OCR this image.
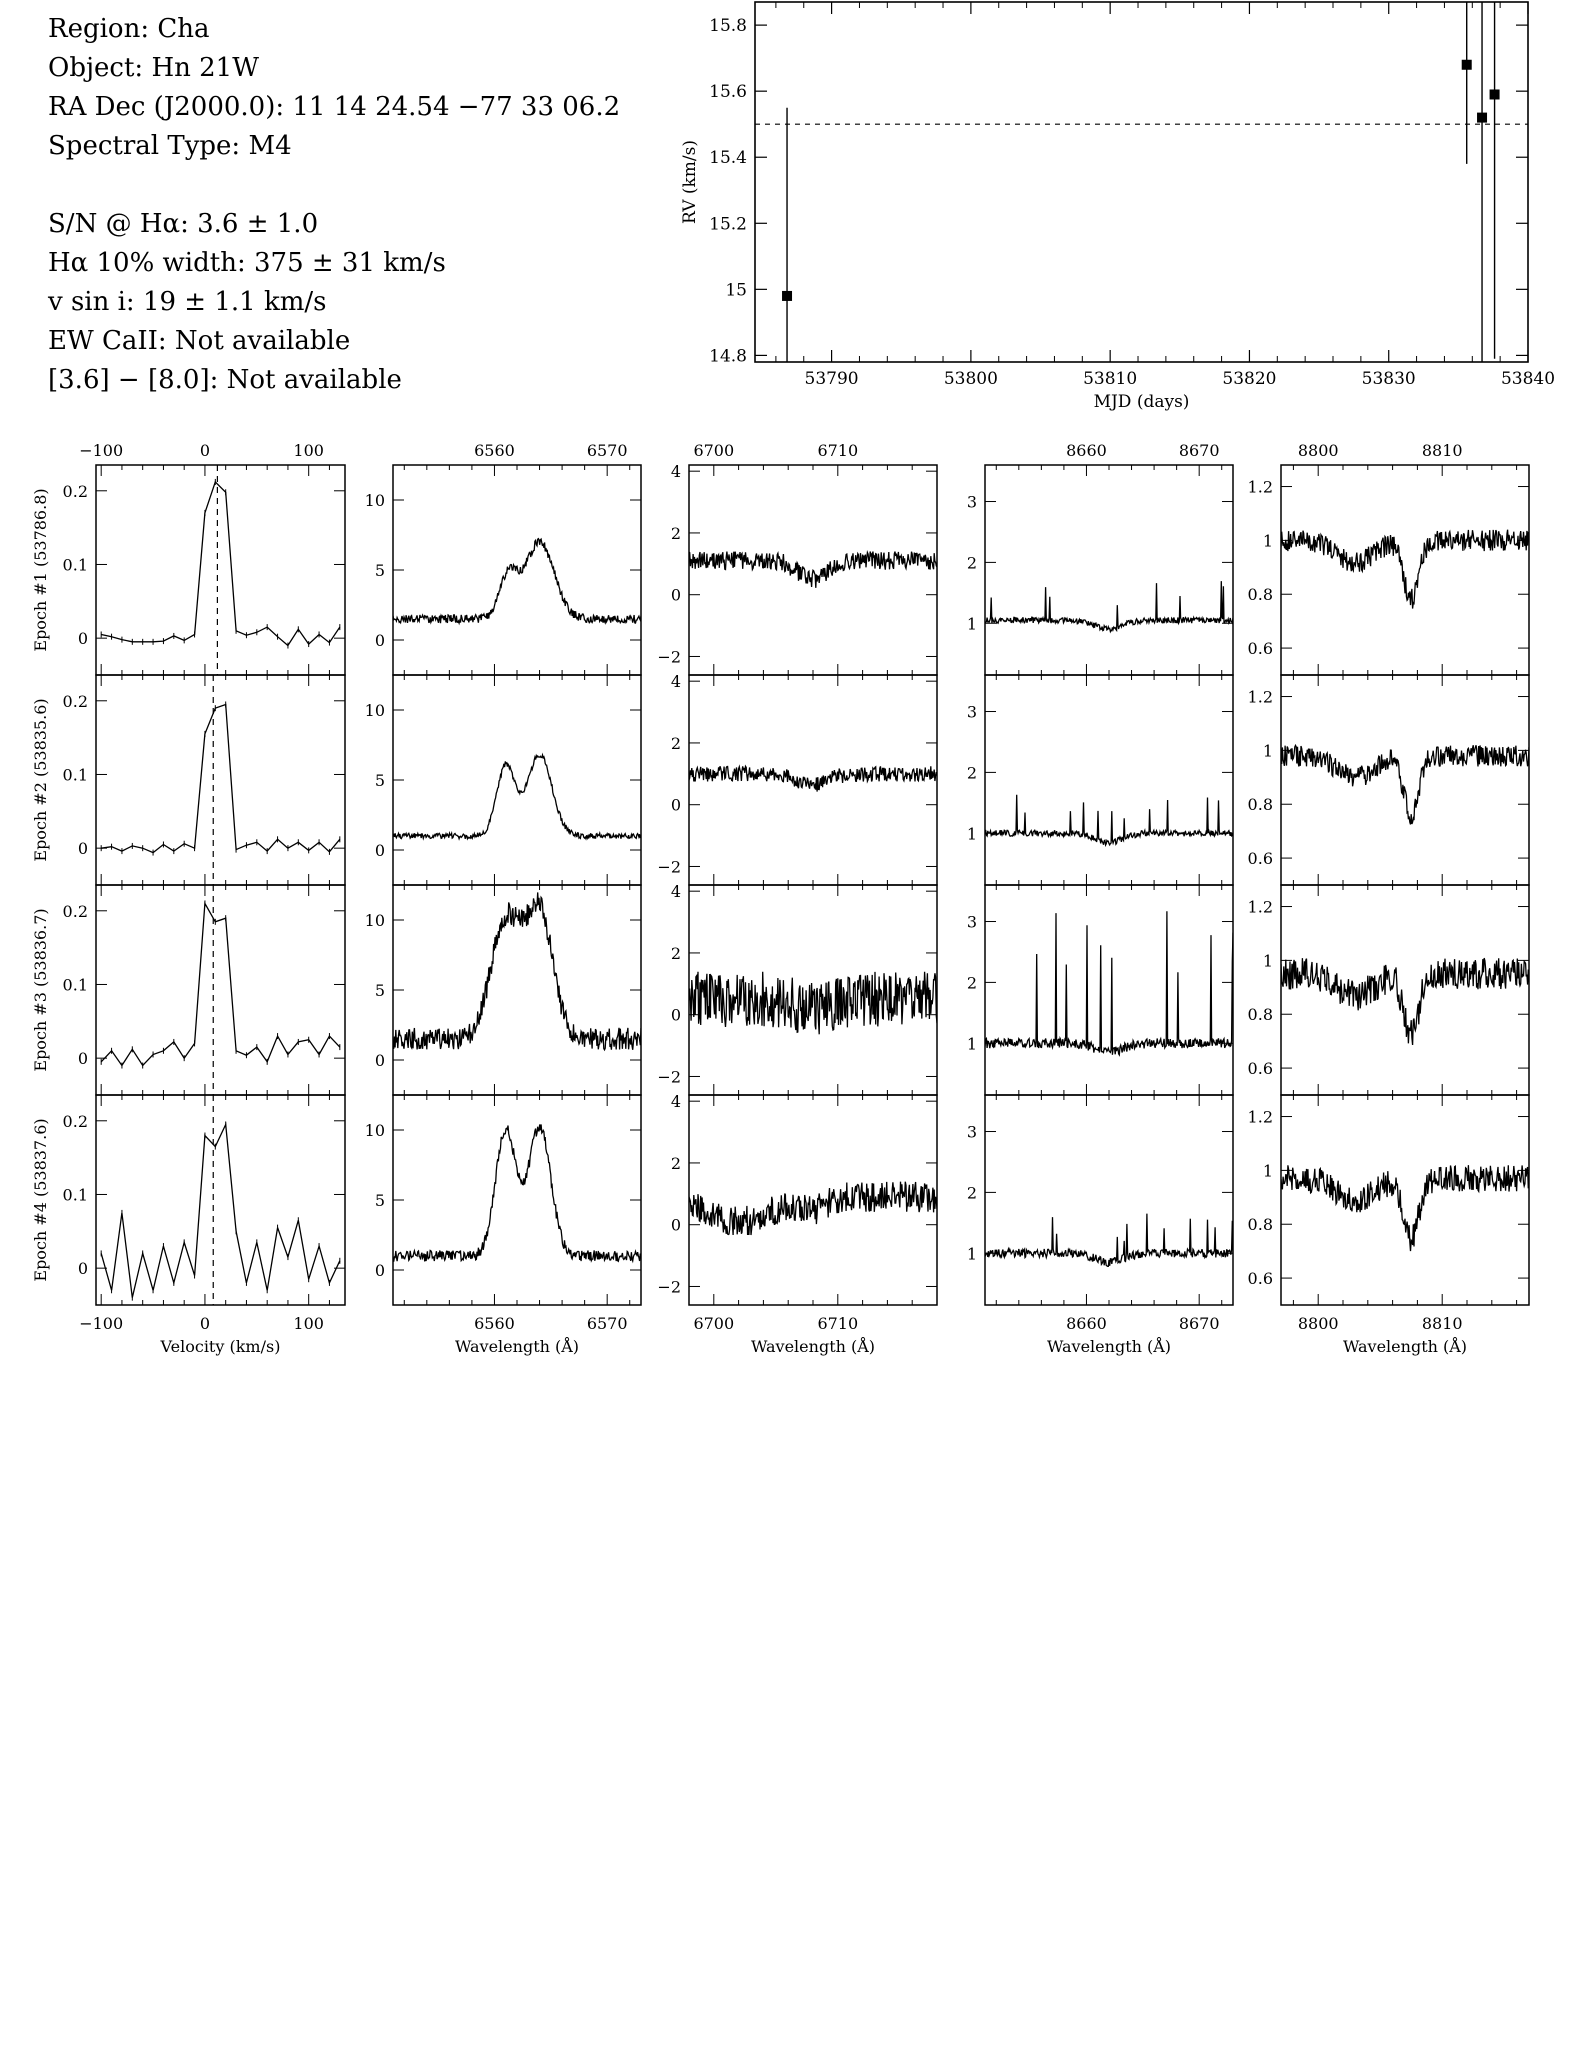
Region: Cha
Object: Hn 21W
RA Dec (J2000.0): 11 14 24.54 −77 33 06.2
Spectral Type: M4
S/N @ Hα: 3.6 ± 1.0
Hα 10% width: 375 ± 31 km/s
v sin i: 19 ± 1.1 km/s
EW CaII: Not available
[3.6] − [8.0]: Not available	53790	53800	53810	53820	53830	53840
14.8
15
15.2
15.4
15.6
15.8
MJD (days)
RV (km/s)
0
0.1
0.2
−100	0	100
Epoch #1 (53786.8)
0
0.1
0.2
Epoch #2 (53835.6)
0
0.1
0.2
Epoch #3 (53836.7)
0
0.1
0.2
−100	0	100
Velocity (km/s)
Epoch #4 (53837.6)
0
5
10
6560	6570
0
5
10
0
5
10
0
5
10
6560	6570
Wavelength (Å)
−2
0
2
4
6700	6710
−2
0
2
4
−2
0
2
4
−2
0
2
4
6700	6710
Wavelength (Å)
1
2
3
8660	8670
1
2
3
1
2
3
1
2
3
8660	8670
Wavelength (Å)
0.6
0.8
1
1.2
8800	8810
0.6
0.8
1
1.2
0.6
0.8
1
1.2
0.6
0.8
1
1.2
8800	8810
Wavelength (Å)
